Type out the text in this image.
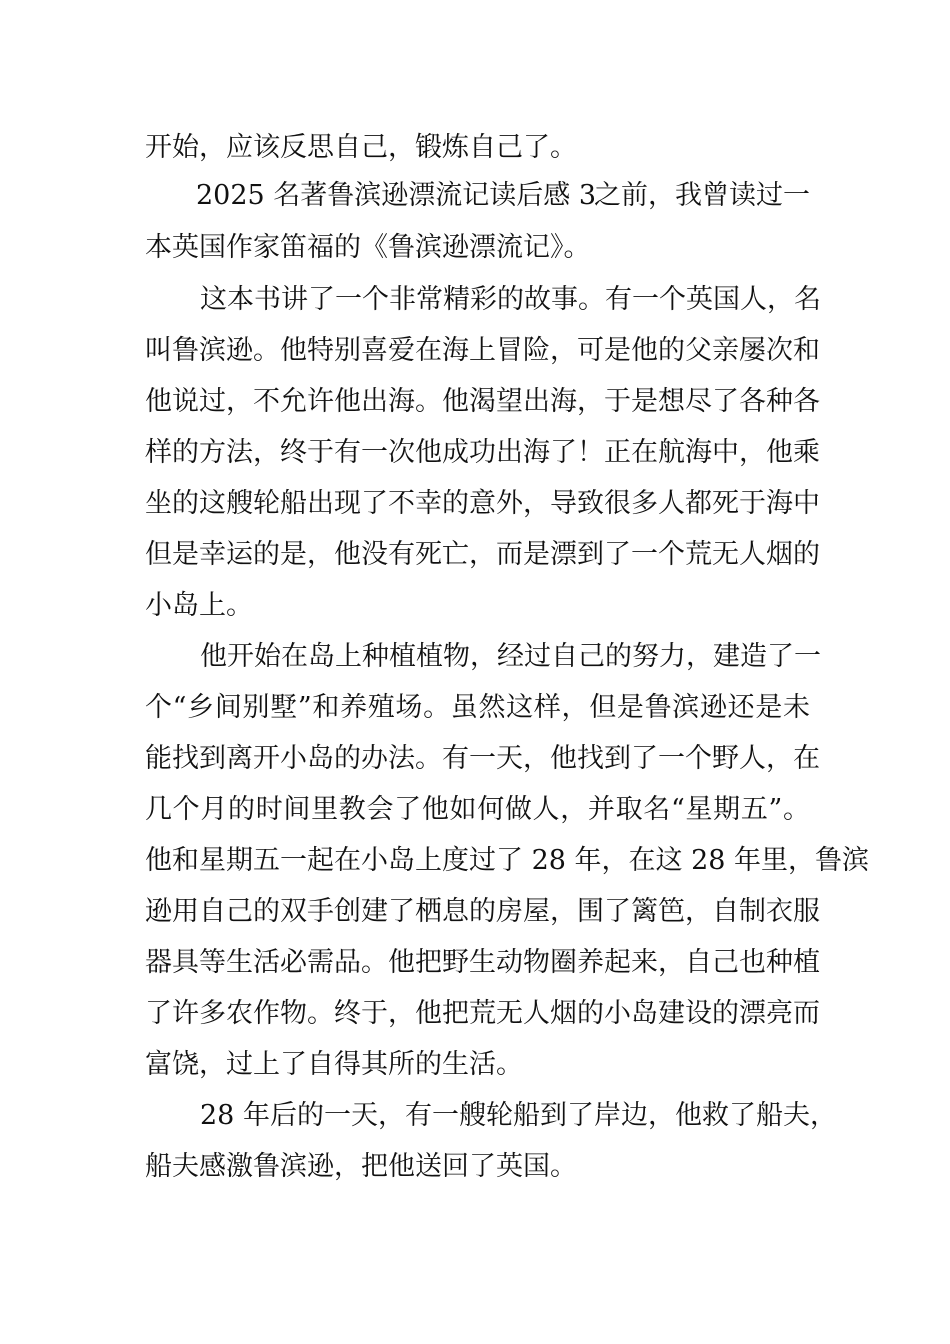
开始，应该反思自己，锻炼自己了。
2025 名著鲁滨逊漂流记读后感 3
之前，我曾读过一
本英国作家笛福的《鲁滨逊漂流记》。
这本书讲了一个非常精彩的故事。有一个英国人，名
叫鲁滨逊。他特别喜爱在海上冒险，可是他的父亲屡次和
他说过，不允许他出海。他渴望出海，于是想尽了各种各
样的方法，终于有一次他成功出海了！正在航海中，他乘
坐的这艘轮船出现了不幸的意外，导致很多人都死于海中
但是幸运的是，他没有死亡，而是漂到了一个荒无人烟的
小岛上。
他开始在岛上种植植物，经过自己的努力，建造了一
个“乡间别墅”和养殖场。虽然这样，但是鲁滨逊还是未
能找到离开小岛的办法。有一天，他找到了一个野人，在
几个月的时间里教会了他如何做人，并取名“星期五”。
他和星期五一起在小岛上度过了 28 年，在这 28 年里，鲁滨
逊用自己的双手创建了栖息的房屋，围了篱笆，自制衣服
器具等生活必需品。他把野生动物圈养起来，自己也种植
了许多农作物。终于，他把荒无人烟的小岛建设的漂亮而
富饶，过上了自得其所的生活。
28 年后的一天，有一艘轮船到了岸边，他救了船夫，
船夫感激鲁滨逊，把他送回了英国。
